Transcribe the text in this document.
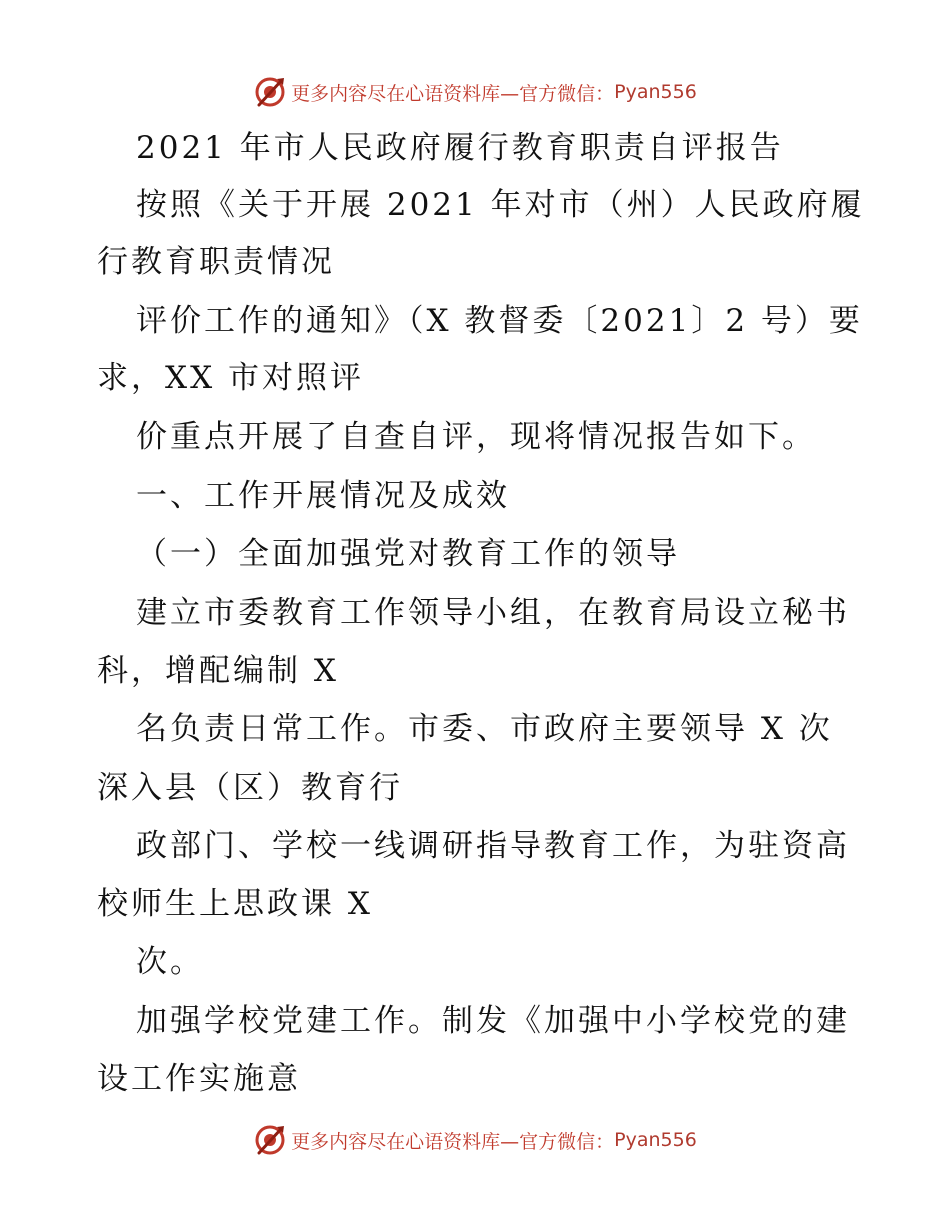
更多内容尽在心语资料库—官方微信： Pyan556
2021 年市人民政府履行教育职责自评报告
按照《关于开展 2021 年对市（州）人民政府履
行教育职责情况
评价工作的通知》（X 教督委〔2021〕2 号）要
求，XX 市对照评
价重点开展了自查自评，现将情况报告如下。
一、工作开展情况及成效
（一）全面加强党对教育工作的领导
建立市委教育工作领导小组，在教育局设立秘书
科，增配编制 X
名负责日常工作。市委、市政府主要领导 X 次
深入县（区）教育行
政部门、学校一线调研指导教育工作，为驻资高
校师生上思政课 X
次。
加强学校党建工作。制发《加强中小学校党的建
设工作实施意
更多内容尽在心语资料库—官方微信： Pyan556
